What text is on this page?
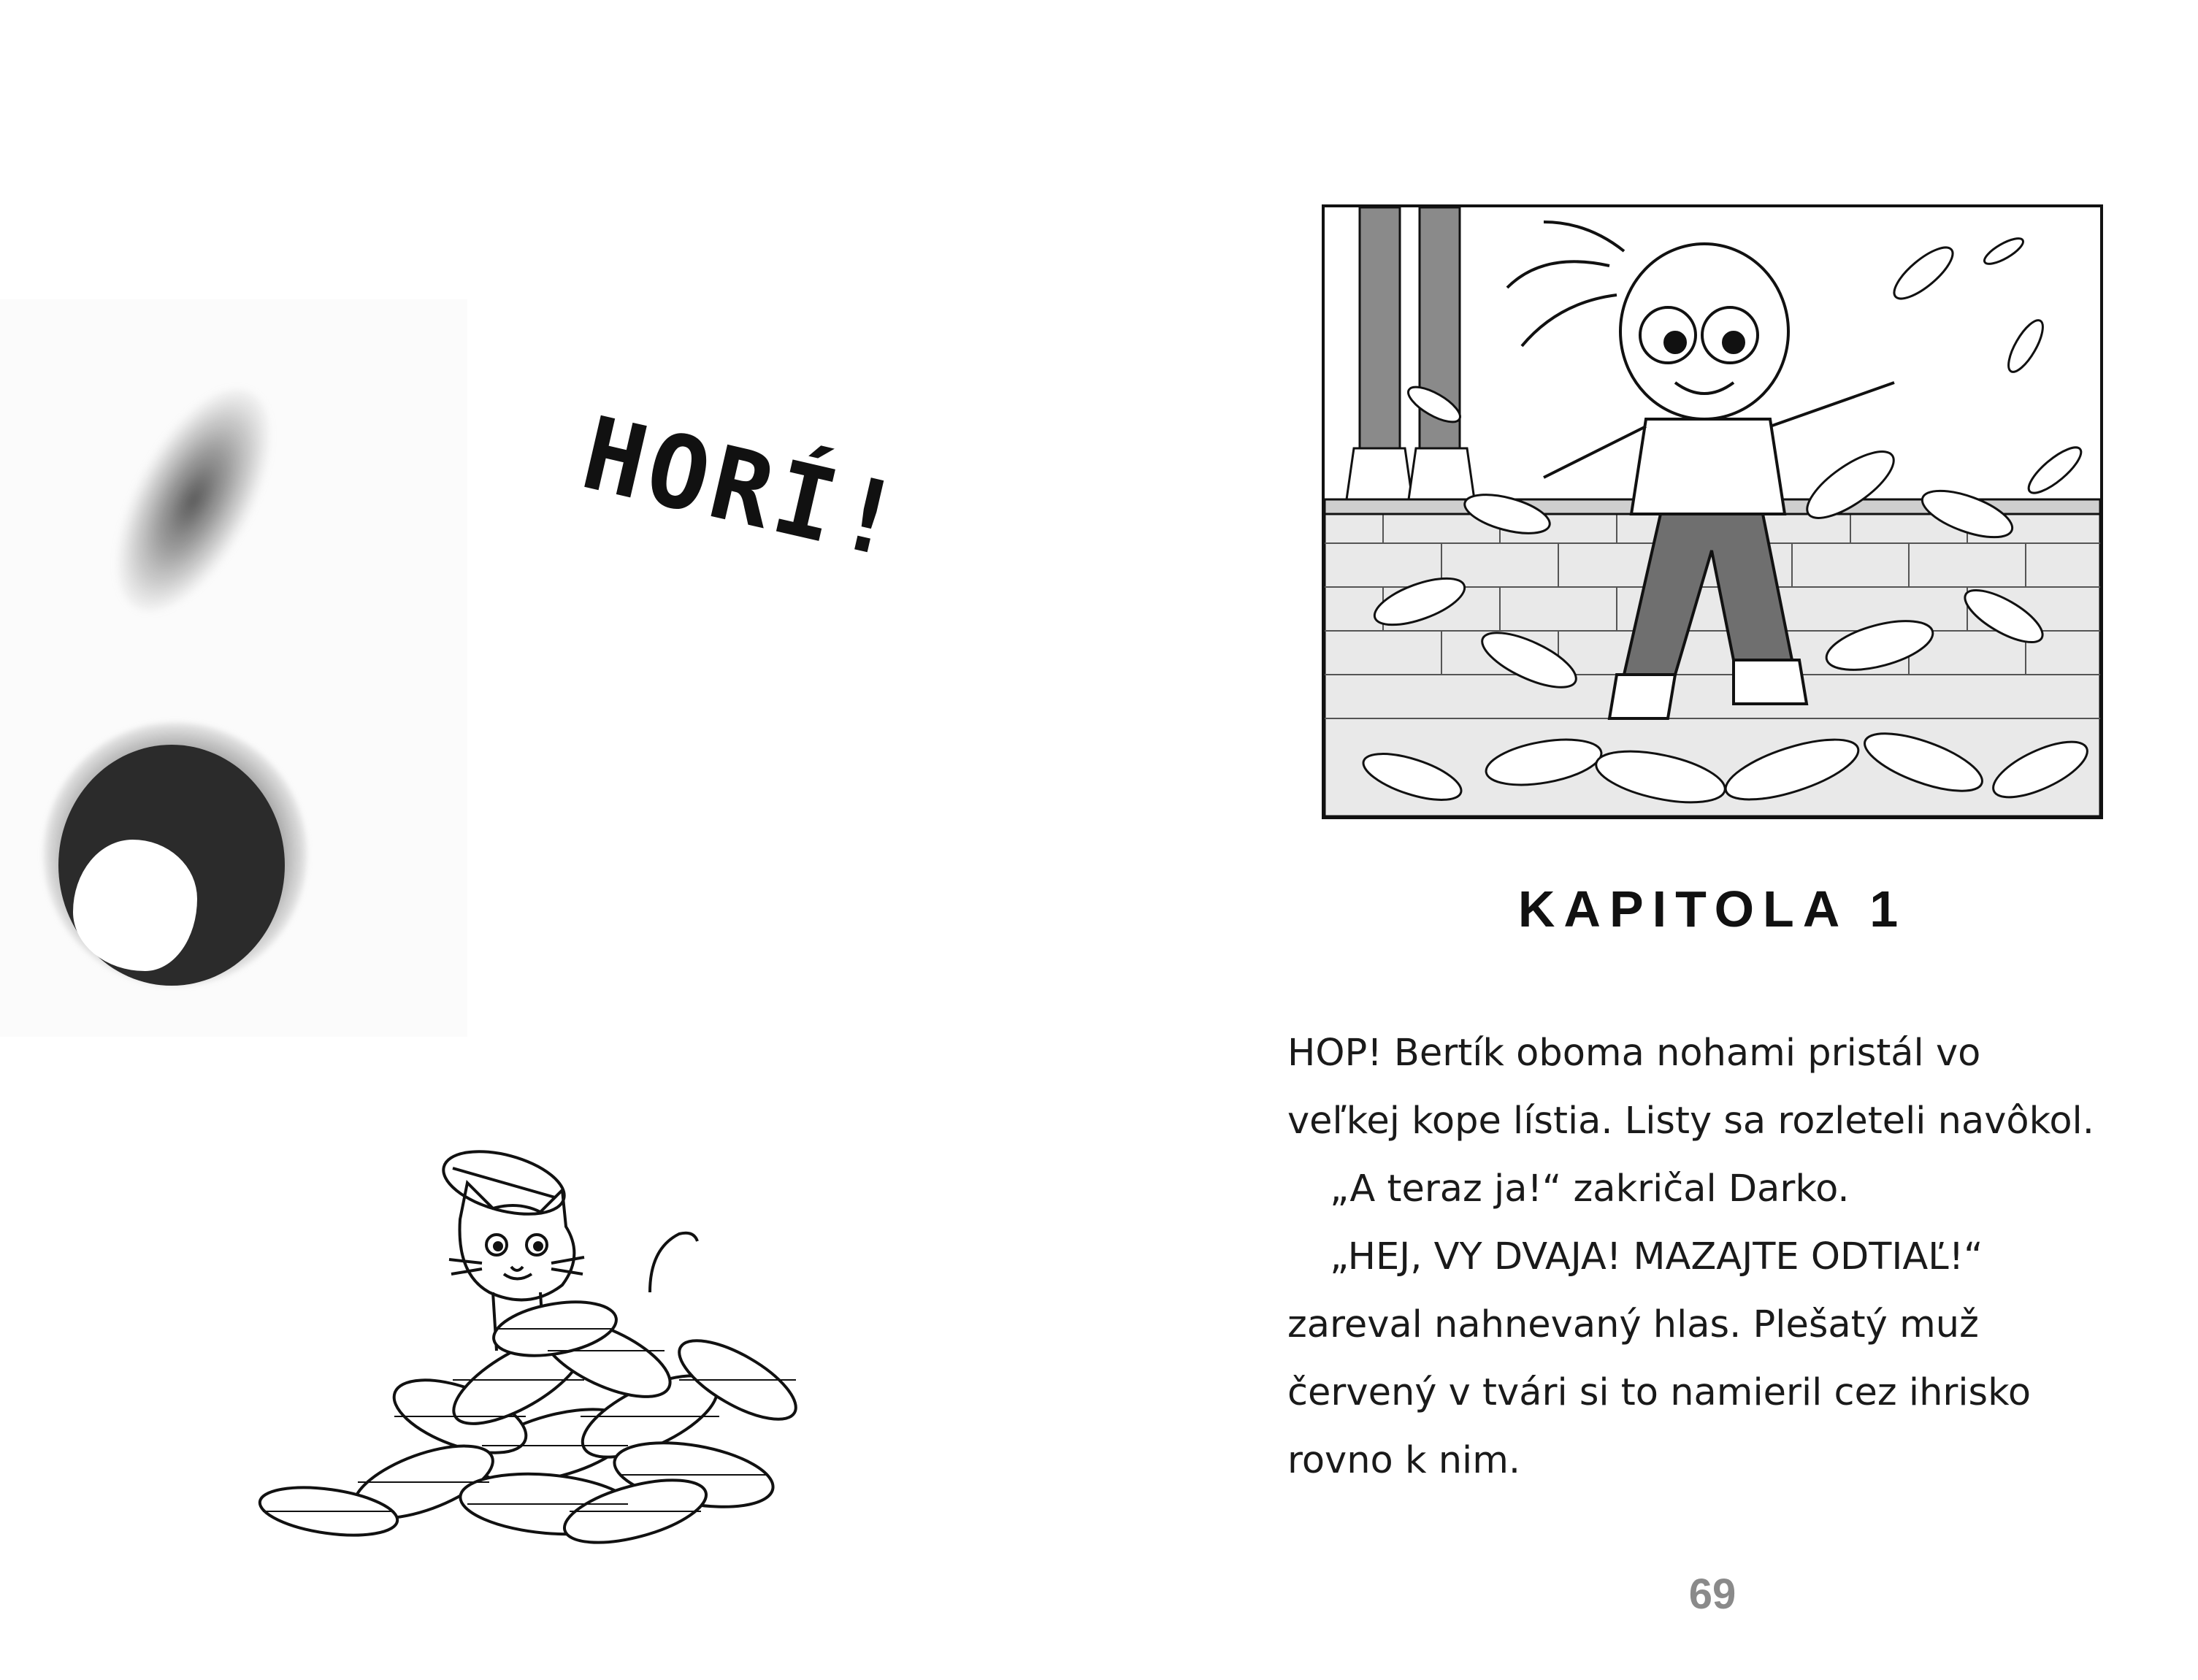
HORÍ!
KAPITOLA 1

HOP! Bertík oboma nohami pristál vo

veľkej kope lístia. Listy sa rozleteli navôkol.

„A teraz ja!“ zakričal Darko.

„HEJ, VY DVAJA! MAZAJTE ODTIAĽ!“

zareval nahnevaný hlas. Plešatý muž

červený v tvári si to namieril cez ihrisko

rovno k nim.

69
